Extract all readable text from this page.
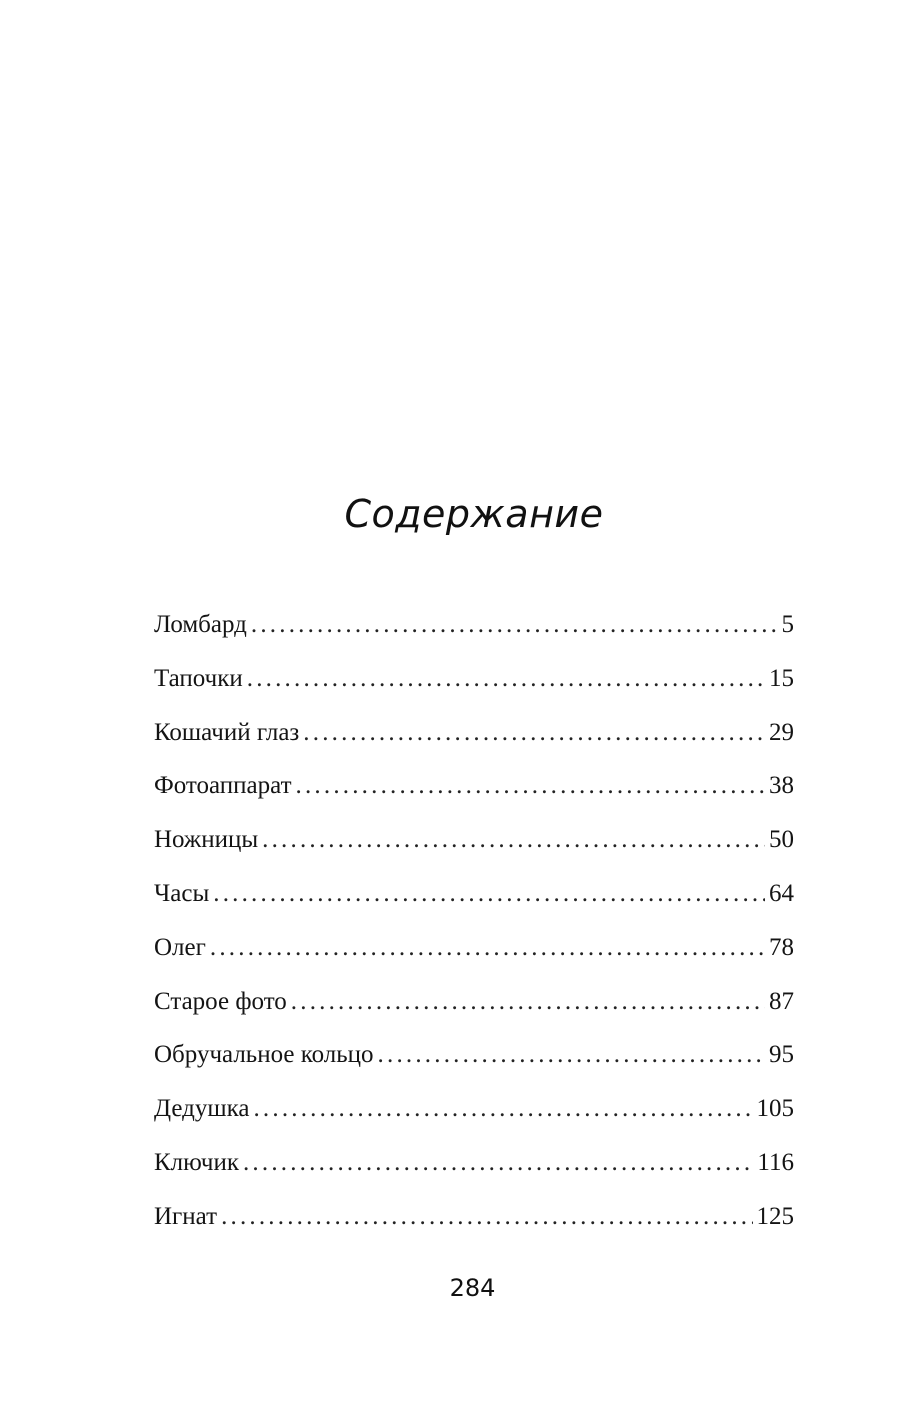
Содержание
Ломбард .....	5
Тапочки .....	15
Кошачий глаз .....	29
Фотоаппарат .....	38
Ножницы .....	50
Часы .....	64
Олег .....	78
Старое фото .....	87
Обручальное кольцо .....	95
Дедушка .....	105
Ключик .....	116
Игнат .....	125
284
